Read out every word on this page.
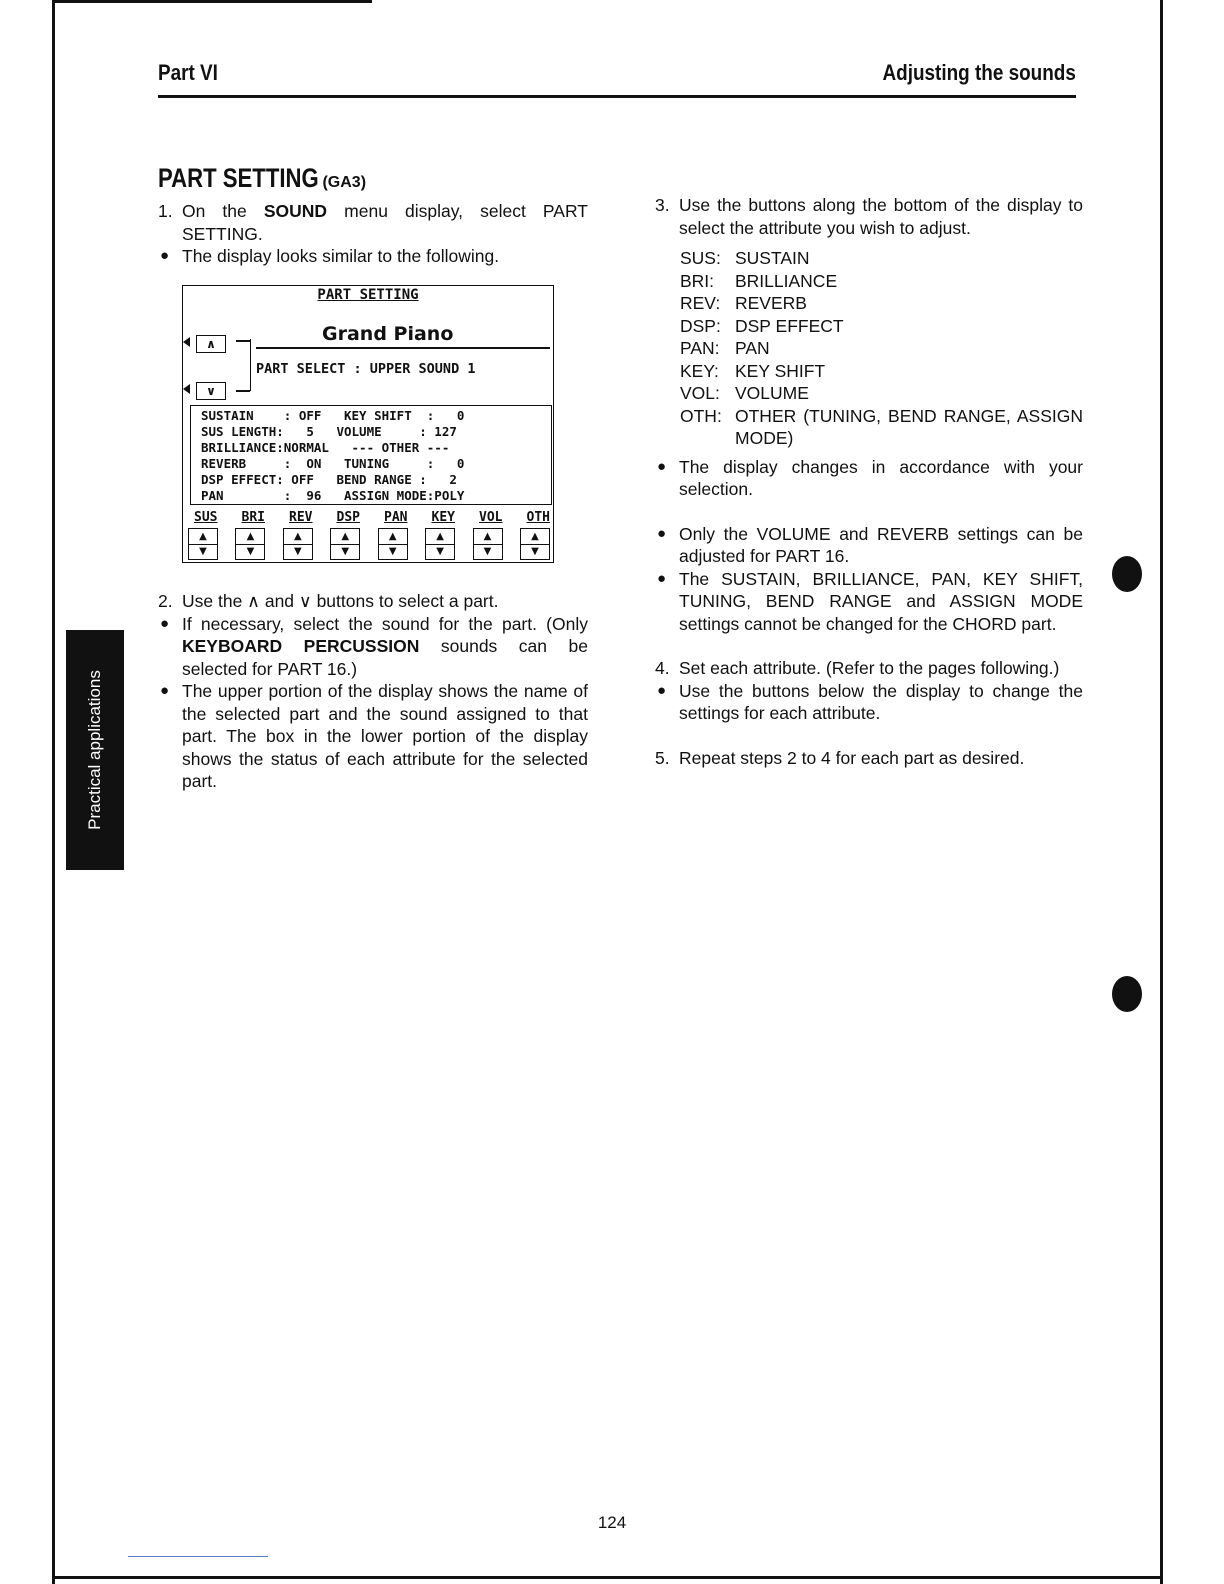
Practical applications
Part VI	Adjusting the sounds
PART SETTING (GA3)

1. On the SOUND menu display, select PART SETTING.

● The display looks similar to the following.

PART SETTING
Grand Piano
∧
PART SELECT : UPPER SOUND 1
∨
SUSTAIN    : OFF   KEY SHIFT  :   0
SUS LENGTH:   5   VOLUME     : 127
BRILLIANCE:NORMAL   --- OTHER ---
REVERB     :  ON   TUNING     :   0
DSP EFFECT: OFF   BEND RANGE :   2
PAN        :  96   ASSIGN MODE:POLY
SUS BRI REV DSP PAN KEY VOL OTH
▲
▼
▲
▼
▲
▼
▲
▼
▲
▼
▲
▼
▲
▼
▲
▼

2. Use the ∧ and ∨ buttons to select a part.

● If necessary, select the sound for the part. (Only KEYBOARD PERCUSSION sounds can be selected for PART 16.)

● The upper portion of the display shows the name of the selected part and the sound assigned to that part. The box in the lower portion of the display shows the status of each attribute for the selected part.

3. Use the buttons along the bottom of the display to select the attribute you wish to adjust.

SUS: SUSTAIN
BRI:	BRILLIANCE
REV: REVERB
DSP: DSP EFFECT
PAN: PAN
KEY: KEY SHIFT
VOL: VOLUME
OTH: OTHER (TUNING, BEND RANGE, ASSIGN MODE)

● The display changes in accordance with your selection.

● Only the VOLUME and REVERB settings can be adjusted for PART 16.

● The SUSTAIN, BRILLIANCE, PAN, KEY SHIFT, TUNING, BEND RANGE and ASSIGN MODE settings cannot be changed for the CHORD part.

4. Set each attribute. (Refer to the pages following.)

● Use the buttons below the display to change the settings for each attribute.

5. Repeat steps 2 to 4 for each part as desired.

124
